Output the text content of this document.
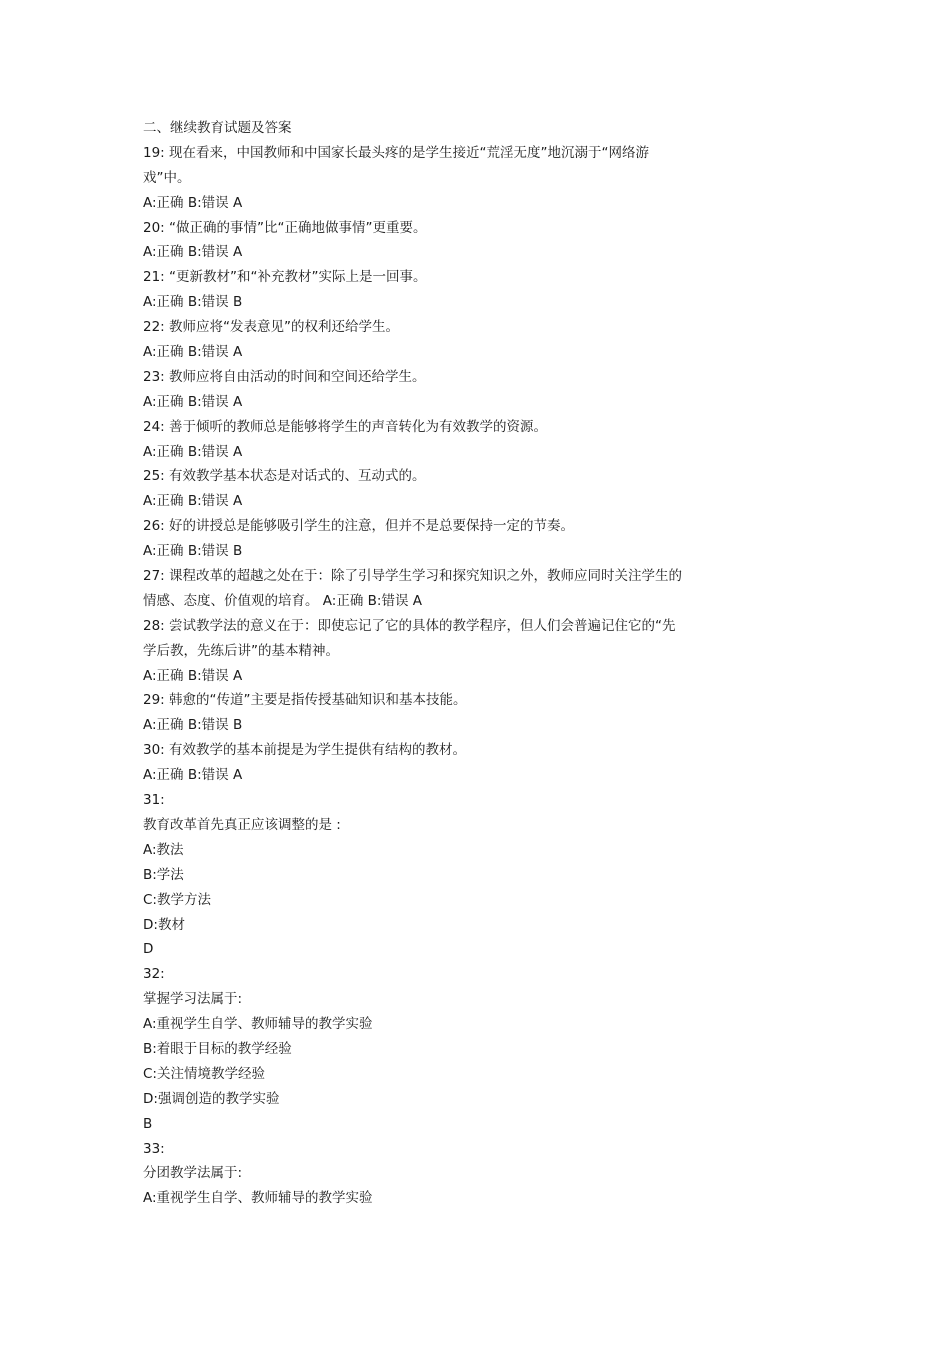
二、继续教育试题及答案
19: 现在看来，中国教师和中国家长最头疼的是学生接近“荒淫无度”地沉溺于“网络游
戏”中。
A:正确 B:错误 A
20: “做正确的事情”比“正确地做事情”更重要。
A:正确 B:错误 A
21: “更新教材”和“补充教材”实际上是一回事。
A:正确 B:错误 B
22: 教师应将“发表意见”的权利还给学生。
A:正确 B:错误 A
23: 教师应将自由活动的时间和空间还给学生。
A:正确 B:错误 A
24: 善于倾听的教师总是能够将学生的声音转化为有效教学的资源。
A:正确 B:错误 A
25: 有效教学基本状态是对话式的、互动式的。
A:正确 B:错误 A
26: 好的讲授总是能够吸引学生的注意，但并不是总要保持一定的节奏。
A:正确 B:错误 B
27: 课程改革的超越之处在于：除了引导学生学习和探究知识之外，教师应同时关注学生的
情感、态度、价值观的培育。 A:正确 B:错误 A
28: 尝试教学法的意义在于：即使忘记了它的具体的教学程序，但人们会普遍记住它的“先
学后教，先练后讲”的基本精神。
A:正确 B:错误 A
29: 韩愈的“传道”主要是指传授基础知识和基本技能。
A:正确 B:错误 B
30: 有效教学的基本前提是为学生提供有结构的教材。
A:正确 B:错误 A
31:
教育改革首先真正应该调整的是 :
A:教法
B:学法
C:教学方法
D:教材
D
32:
掌握学习法属于:
A:重视学生自学、教师辅导的教学实验
B:着眼于目标的教学经验
C:关注情境教学经验
D:强调创造的教学实验
B
33:
分团教学法属于:
A:重视学生自学、教师辅导的教学实验
